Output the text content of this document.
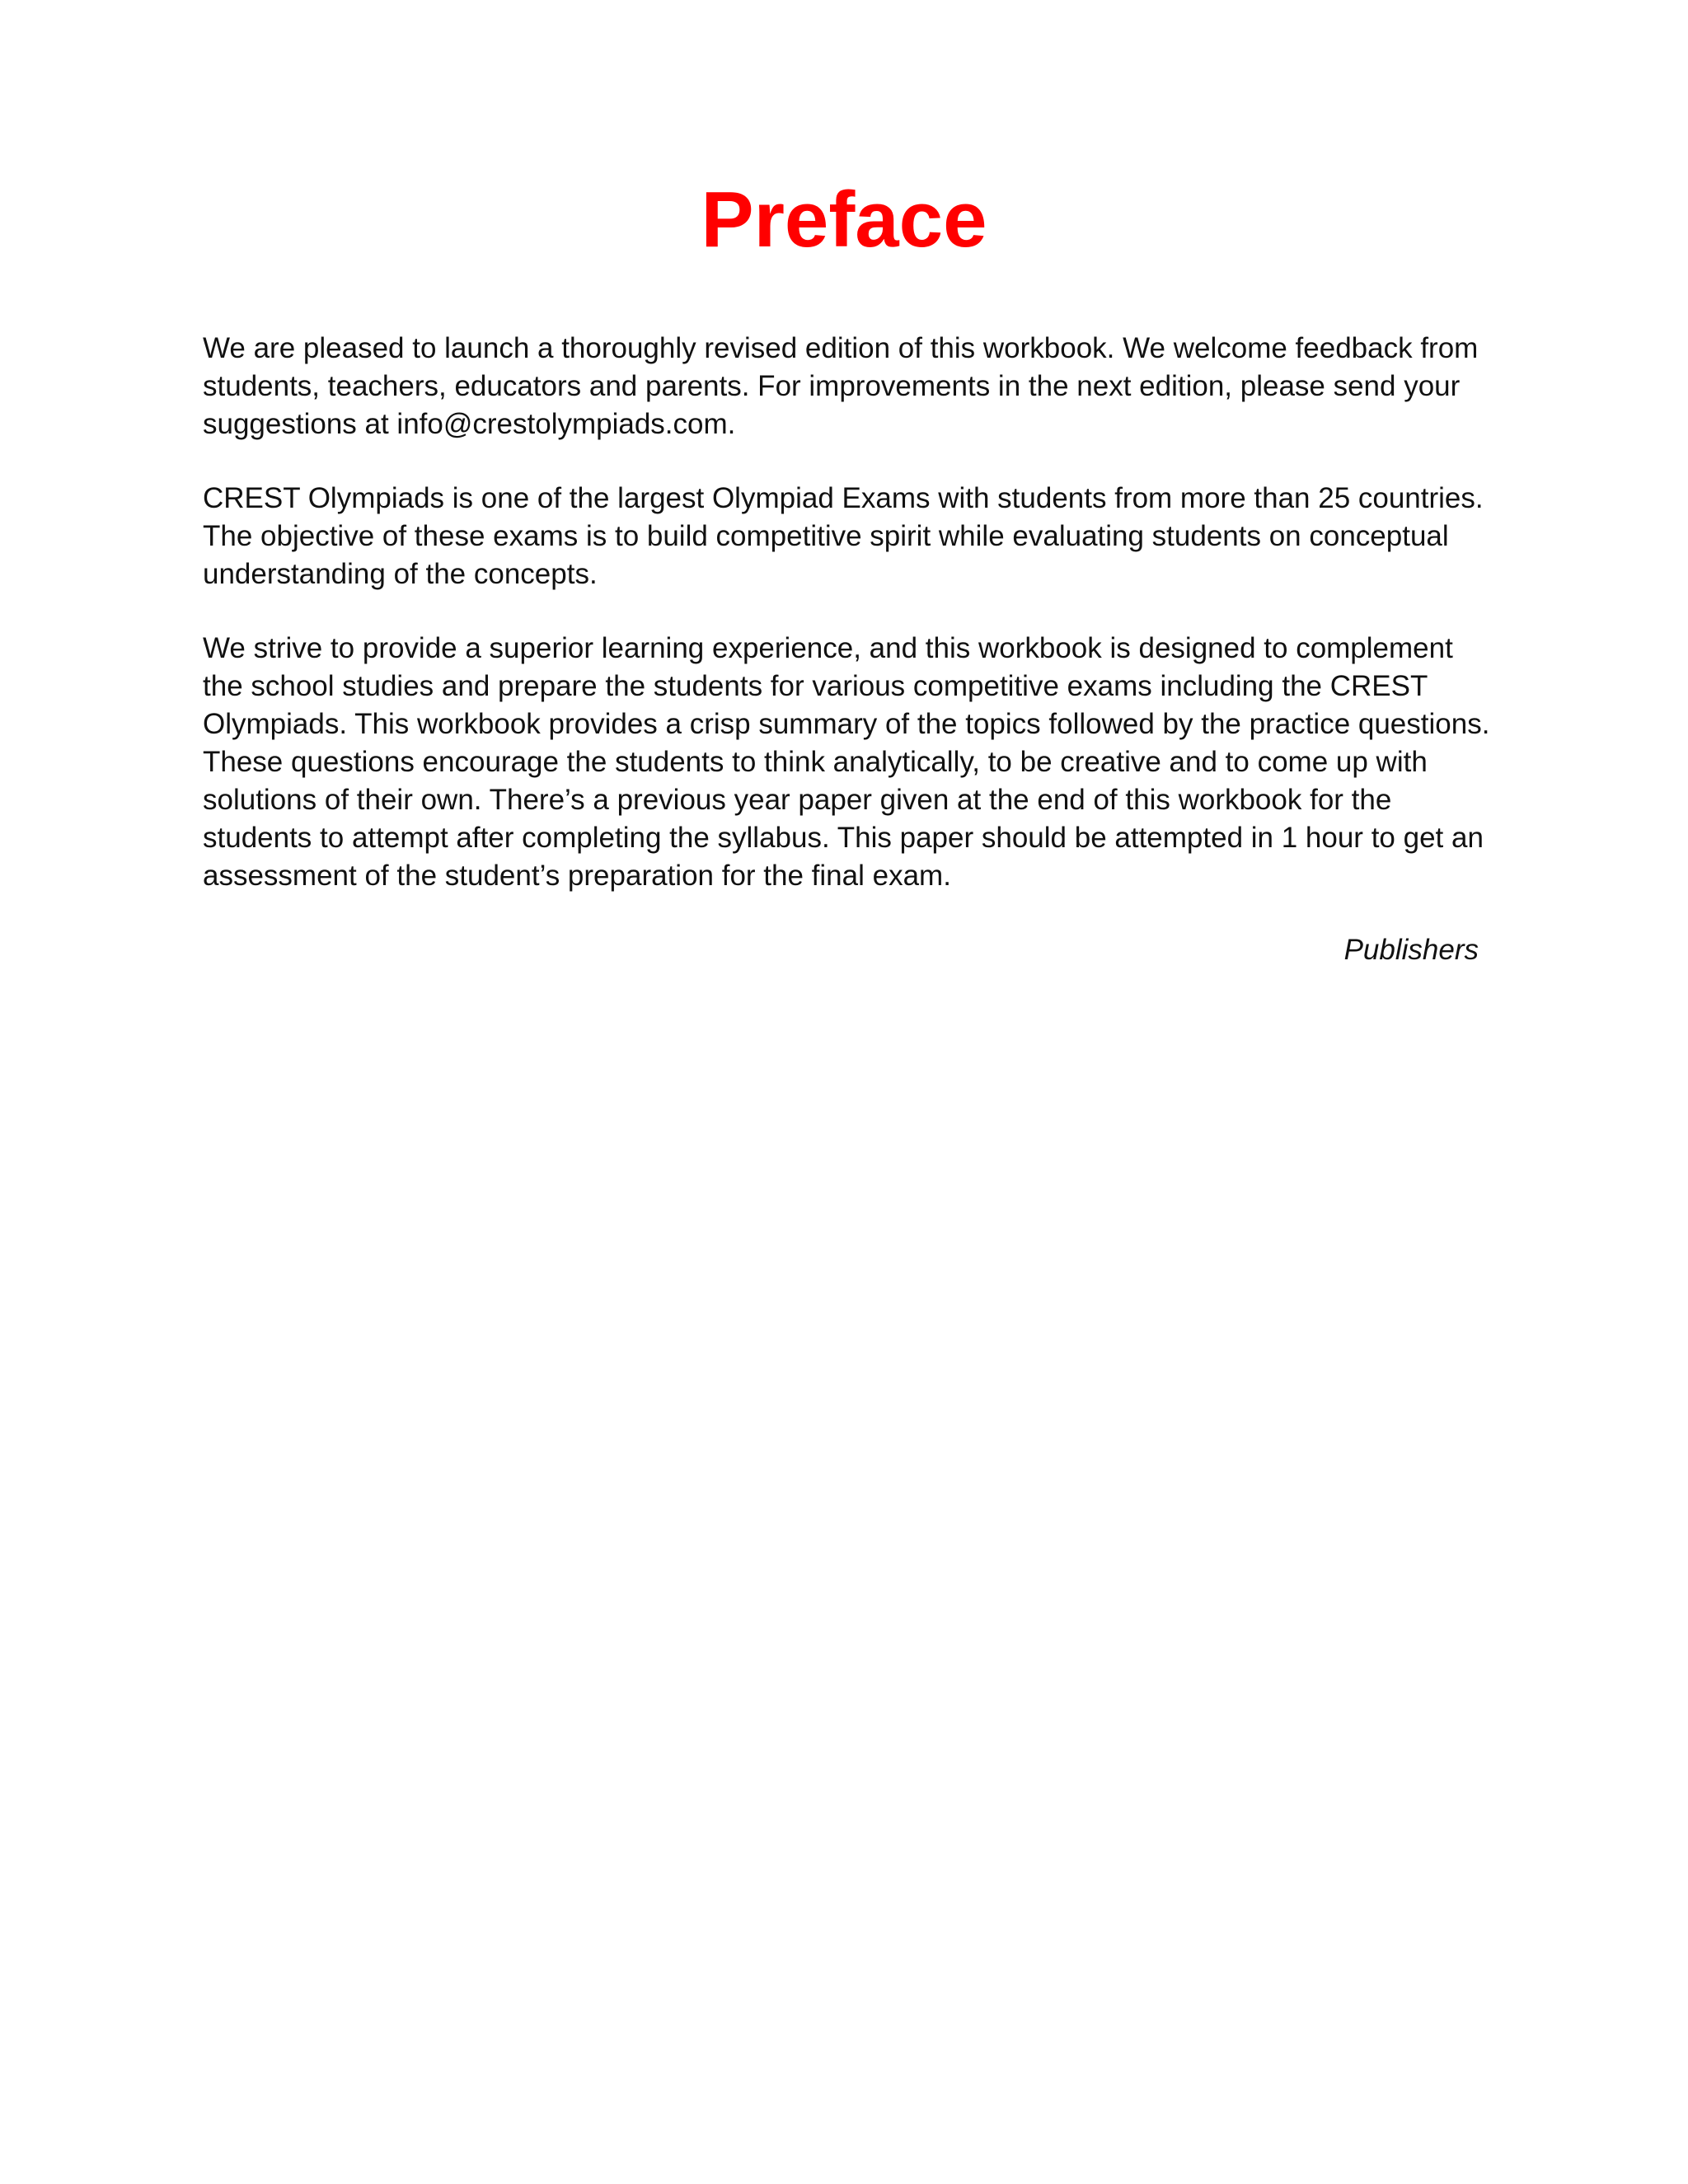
Preface

We are pleased to launch a thoroughly revised edition of this workbook. We welcome feedback from students, teachers, educators and parents. For improvements in the next edition, please send your suggestions at info@crestolympiads.com.

CREST Olympiads is one of the largest Olympiad Exams with students from more than 25 countries. The objective of these exams is to build competitive spirit while evaluating students on conceptual understanding of the concepts.

We strive to provide a superior learning experience, and this workbook is designed to complement the school studies and prepare the students for various competitive exams including the CREST Olympiads. This workbook provides a crisp summary of the topics followed by the practice questions. These questions encourage the students to think analytically, to be creative and to come up with solutions of their own. There’s a previous year paper given at the end of this workbook for the students to attempt after completing the syllabus. This paper should be attempted in 1 hour to get an assessment of the student’s preparation for the final exam.

Publishers
